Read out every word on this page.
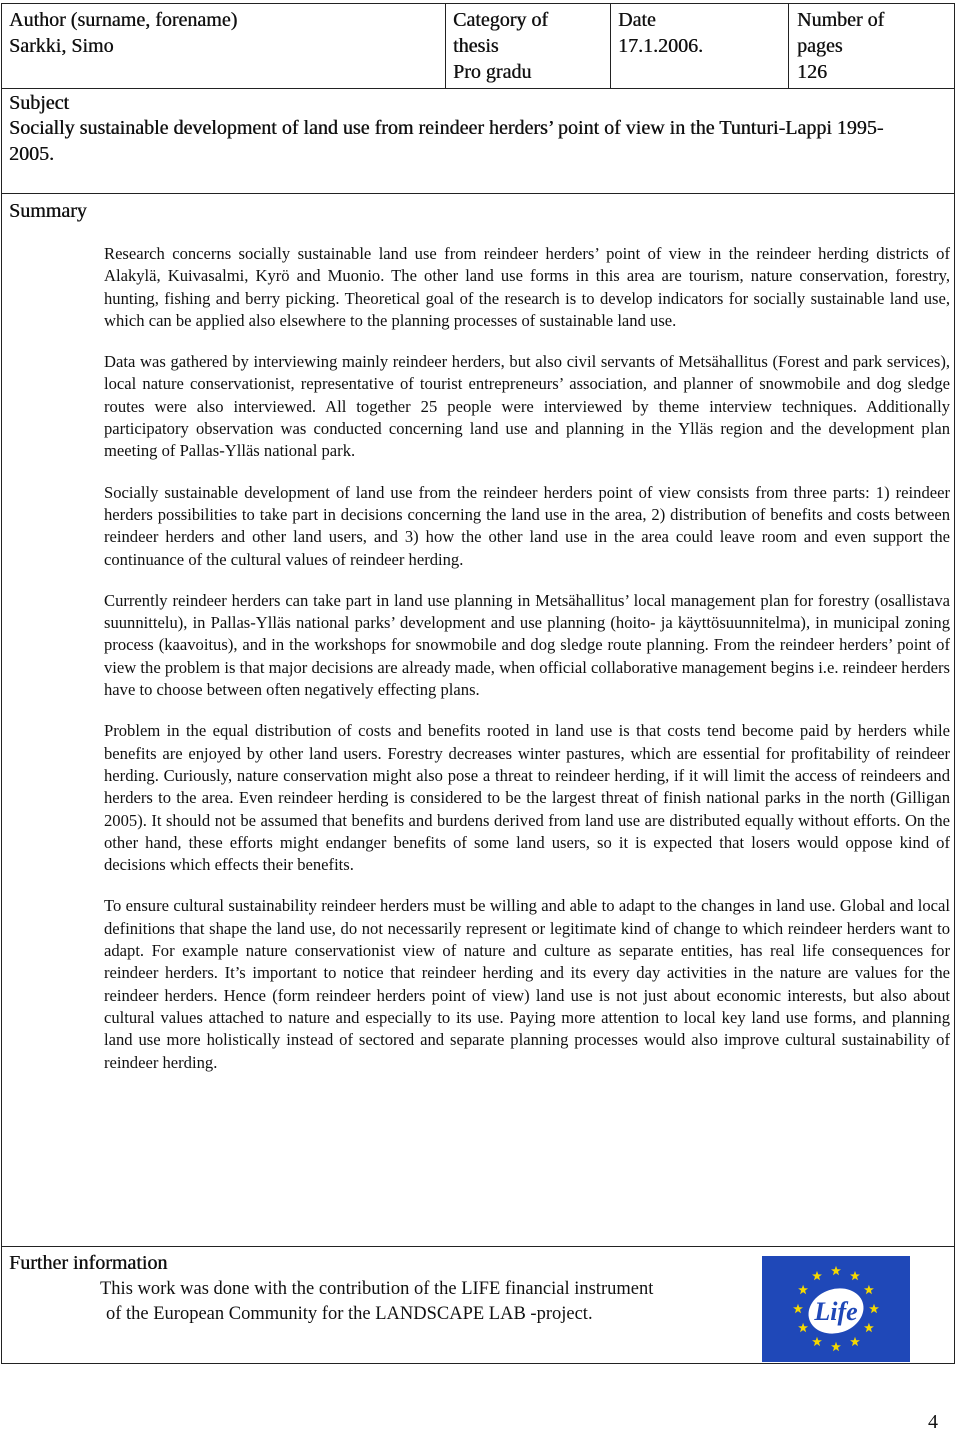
Author (surname, forename)
Sarkki, Simo
Category of
thesis
Pro gradu
Date
17.1.2006.
Number of
pages
126
Subject
Socially sustainable development of land use from reindeer herders’ point of view in the Tunturi-Lappi 1995-2005.
Summary

Research concerns socially sustainable land use from reindeer herders’ point of view in the reindeer herding districts of Alakylä, Kuivasalmi, Kyrö and Muonio. The other land use forms in this area are tourism, nature conservation, forestry, hunting, fishing and berry picking. Theoretical goal of the research is to develop indicators for socially sustainable land use, which can be applied also elsewhere to the planning processes of sustainable land use.

Data was gathered by interviewing mainly reindeer herders, but also civil servants of Metsähallitus (Forest and park services), local nature conservationist, representative of tourist entrepreneurs’ association, and planner of snowmobile and dog sledge routes were also interviewed. All together 25 people were interviewed by theme interview techniques. Additionally participatory observation was conducted concerning land use and planning in the Ylläs region and the development plan meeting of Pallas-Ylläs national park.

Socially sustainable development of land use from the reindeer herders point of view consists from three parts: 1) reindeer herders possibilities to take part in decisions concerning the land use in the area, 2) distribution of benefits and costs between reindeer herders and other land users, and 3) how the other land use in the area could leave room and even support the continuance of the cultural values of reindeer herding.

Currently reindeer herders can take part in land use planning in Metsähallitus’ local management plan for forestry (osallistava suunnittelu), in Pallas-Ylläs national parks’ development and use planning (hoito- ja käyttösuunnitelma), in municipal zoning process (kaavoitus), and in the workshops for snowmobile and dog sledge route planning. From the reindeer herders’ point of view the problem is that major decisions are already made, when official collaborative management begins i.e. reindeer herders have to choose between often negatively effecting plans.

Problem in the equal distribution of costs and benefits rooted in land use is that costs tend become paid by herders while benefits are enjoyed by other land users. Forestry decreases winter pastures, which are essential for profitability of reindeer herding. Curiously, nature conservation might also pose a threat to reindeer herding, if it will limit the access of reindeers and herders to the area. Even reindeer herding is considered to be the largest threat of finish national parks in the north (Gilligan 2005). It should not be assumed that benefits and burdens derived from land use are distributed equally without efforts. On the other hand, these efforts might endanger benefits of some land users, so it is expected that losers would oppose kind of decisions which effects their benefits.

To ensure cultural sustainability reindeer herders must be willing and able to adapt to the changes in land use. Global and local definitions that shape the land use, do not necessarily represent or legitimate kind of change to which reindeer herders want to adapt. For example nature conservationist view of nature and culture as separate entities, has real life consequences for reindeer herders. It’s important to notice that reindeer herding and its every day activities in the nature are values for the reindeer herders. Hence (form reindeer herders point of view) land use is not just about economic interests, but also about cultural values attached to nature and especially to its use. Paying more attention to local key land use forms, and planning land use more holistically instead of sectored and separate planning processes would also improve cultural sustainability of reindeer herding.

Further information
This work was done with the contribution of the LIFE financial instrument
of the European Community for the LANDSCAPE LAB -project.	Life
4
